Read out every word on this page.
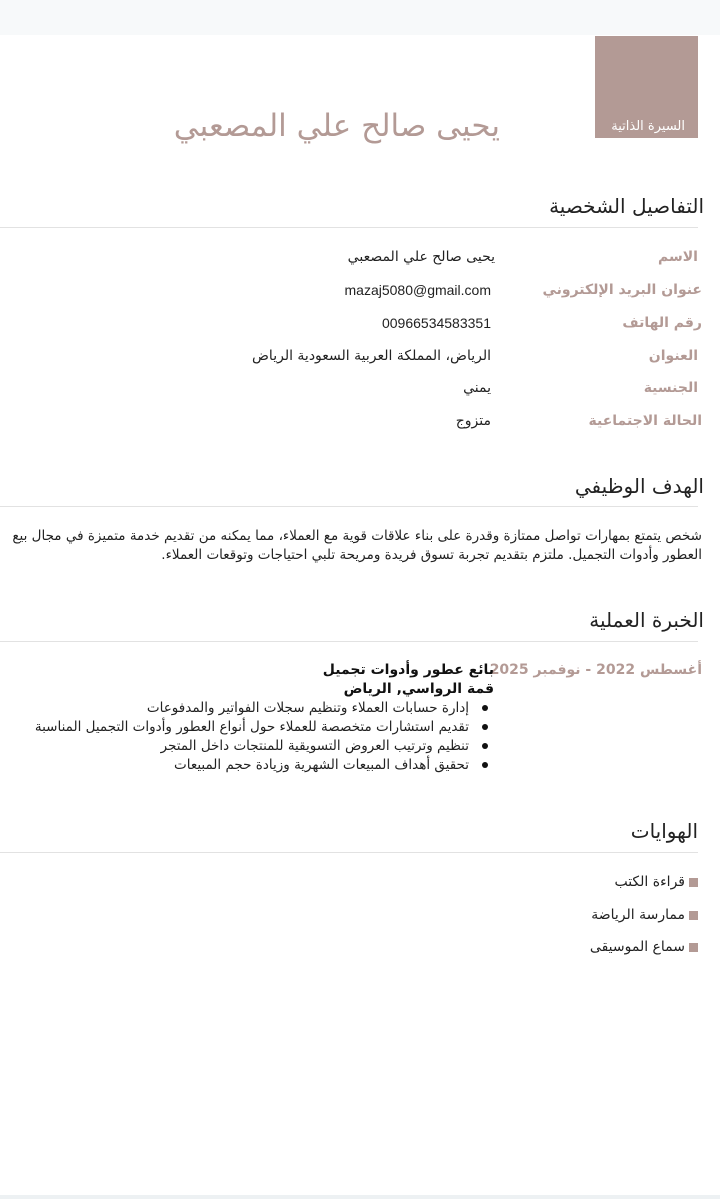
السيرة الذاتية
يحيى صالح علي المصعبي
التفاصيل الشخصية
الاسم
يحيى صالح علي المصعبي
عنوان البريد الإلكتروني
mazaj5080@gmail.com
رقم الهاتف
00966534583351
العنوان
الرياض، المملكة العربية السعودية الرياض
الجنسية
يمني
الحالة الاجتماعية
متزوج
الهدف الوظيفي
شخص يتمتع بمهارات تواصل ممتازة وقدرة على بناء علاقات قوية مع العملاء، مما يمكنه من تقديم خدمة متميزة في مجال بيع العطور وأدوات التجميل. ملتزم بتقديم تجربة تسوق فريدة ومريحة تلبي احتياجات وتوقعات العملاء.
الخبرة العملية
أغسطس 2022 - نوفمبر 2025
بائع عطور وأدوات تجميل
قمة الرواسي, الرياض
إدارة حسابات العملاء وتنظيم سجلات الفواتير والمدفوعات
تقديم استشارات متخصصة للعملاء حول أنواع العطور وأدوات التجميل المناسبة
تنظيم وترتيب العروض التسويقية للمنتجات داخل المتجر
تحقيق أهداف المبيعات الشهرية وزيادة حجم المبيعات
الهوايات
قراءة الكتب
ممارسة الرياضة
سماع الموسيقى
